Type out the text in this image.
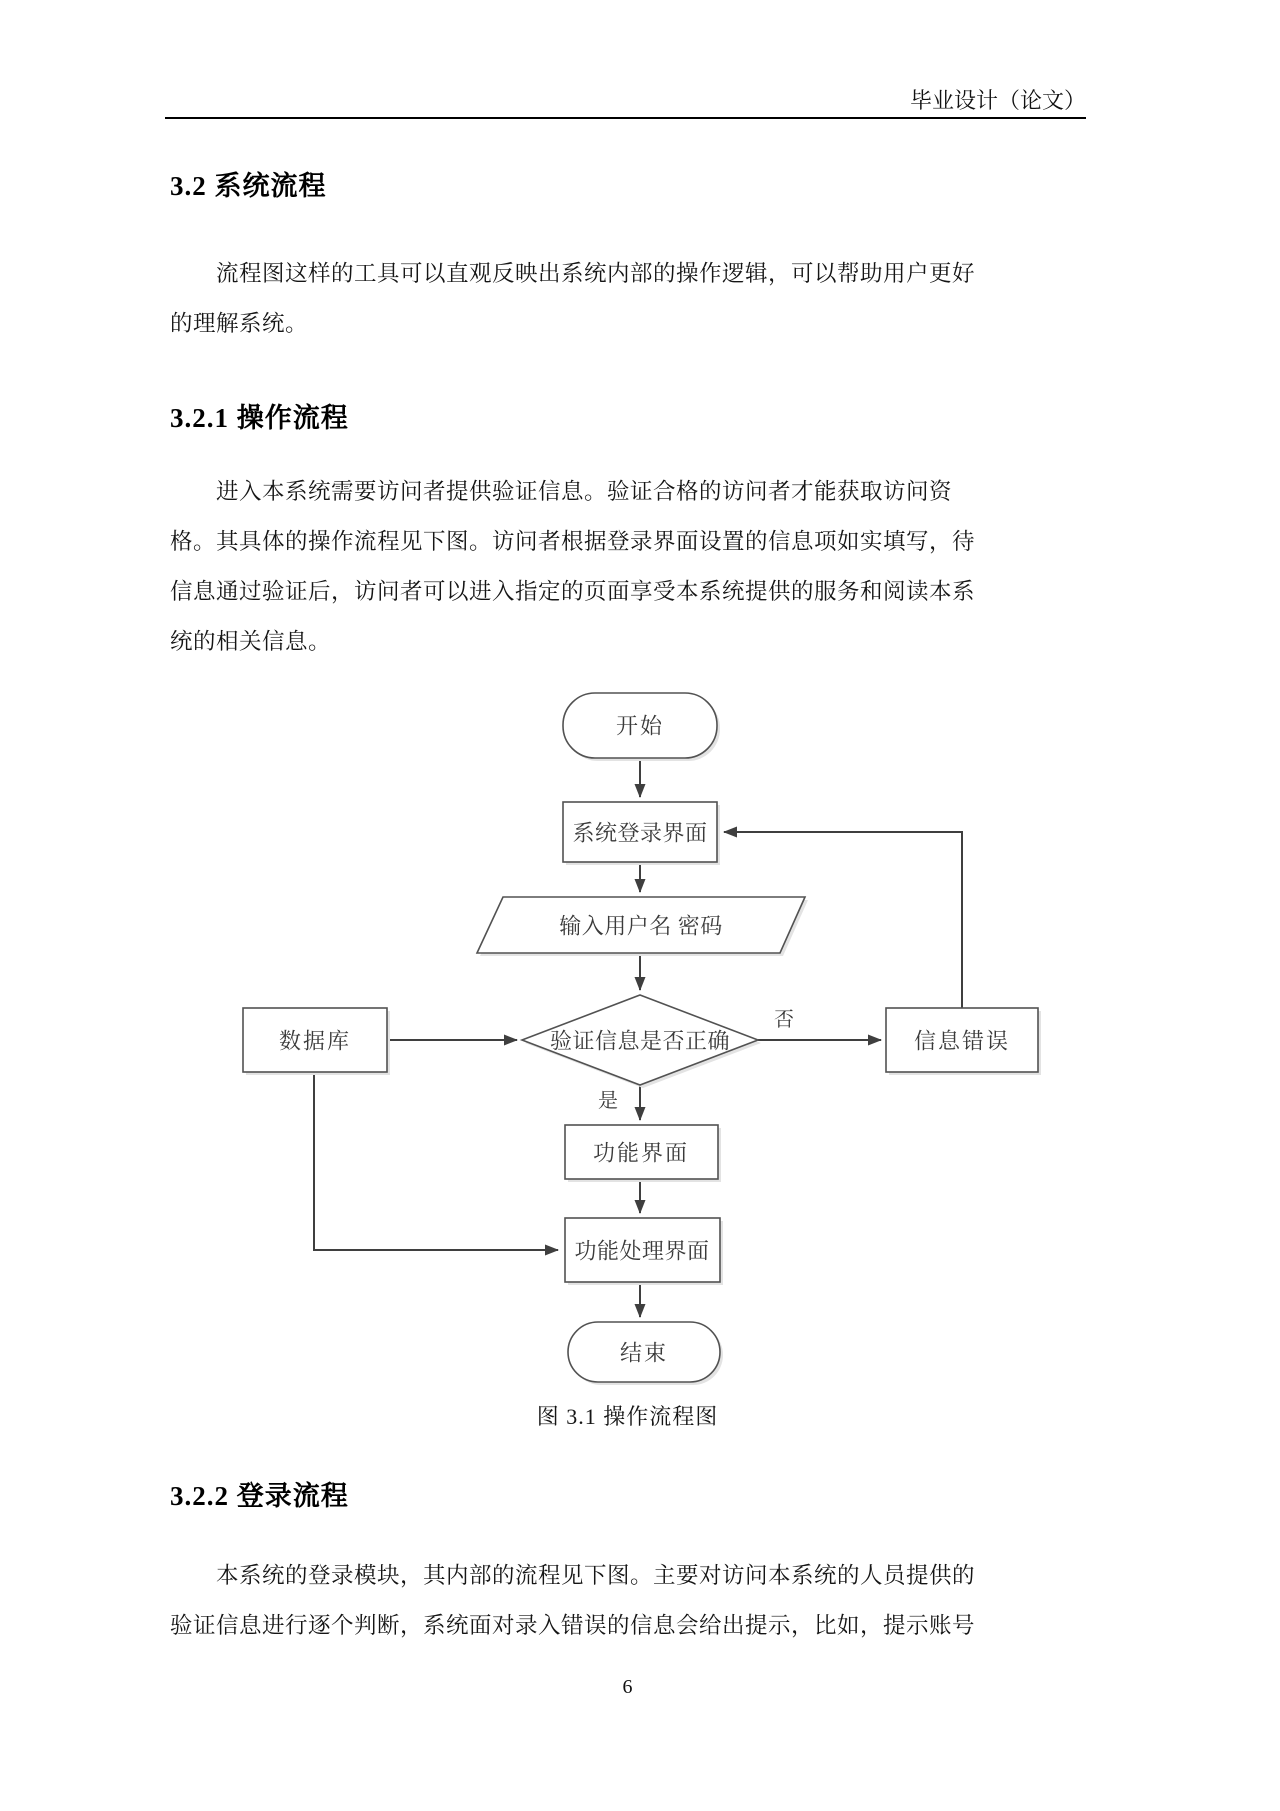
毕业设计（论文）
3.2 系统流程
流程图这样的工具可以直观反映出系统内部的操作逻辑，可以帮助用户更好
的理解系统。
3.2.1 操作流程
进入本系统需要访问者提供验证信息。验证合格的访问者才能获取访问资
格。其具体的操作流程见下图。访问者根据登录界面设置的信息项如实填写，待
信息通过验证后，访问者可以进入指定的页面享受本系统提供的服务和阅读本系
统的相关信息。
开始
系统登录界面
输入用户名 密码
验证信息是否正确
数据库	信息错误
否
是
功能界面
功能处理界面
结束
图 3.1 操作流程图
3.2.2 登录流程
本系统的登录模块，其内部的流程见下图。主要对访问本系统的人员提供的
验证信息进行逐个判断，系统面对录入错误的信息会给出提示，比如，提示账号
6
